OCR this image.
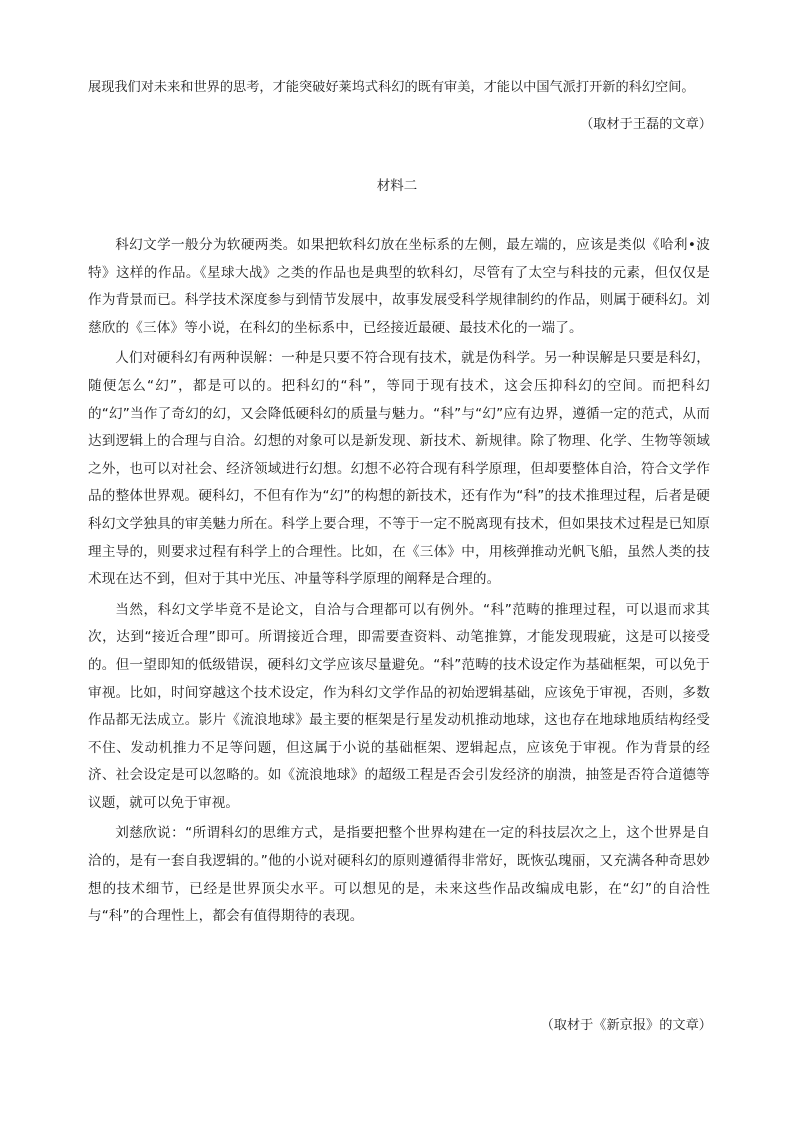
展现我们对未来和世界的思考，才能突破好莱坞式科幻的既有审美，才能以中国气派打开新的科幻空间。
（取材于王磊的文章）
材料二

科幻文学一般分为软硬两类。如果把软科幻放在坐标系的左侧，最左端的，应该是类似《哈利•波特》这样的作品。《星球大战》之类的作品也是典型的软科幻，尽管有了太空与科技的元素，但仅仅是作为背景而已。科学技术深度参与到情节发展中，故事发展受科学规律制约的作品，则属于硬科幻。刘慈欣的《三体》等小说，在科幻的坐标系中，已经接近最硬、最技术化的一端了。

人们对硬科幻有两种误解：一种是只要不符合现有技术，就是伪科学。另一种误解是只要是科幻，随便怎么“幻”，都是可以的。把科幻的“科”，等同于现有技术，这会压抑科幻的空间。而把科幻的“幻”当作了奇幻的幻，又会降低硬科幻的质量与魅力。“科”与“幻”应有边界，遵循一定的范式，从而达到逻辑上的合理与自洽。幻想的对象可以是新发现、新技术、新规律。除了物理、化学、生物等领域之外，也可以对社会、经济领域进行幻想。幻想不必符合现有科学原理，但却要整体自洽，符合文学作品的整体世界观。硬科幻，不但有作为“幻”的构想的新技术，还有作为“科”的技术推理过程，后者是硬科幻文学独具的审美魅力所在。科学上要合理，不等于一定不脱离现有技术，但如果技术过程是已知原理主导的，则要求过程有科学上的合理性。比如，在《三体》中，用核弹推动光帆飞船，虽然人类的技术现在达不到，但对于其中光压、冲量等科学原理的阐释是合理的。

当然，科幻文学毕竟不是论文，自洽与合理都可以有例外。“科”范畴的推理过程，可以退而求其次，达到“接近合理”即可。所谓接近合理，即需要查资料、动笔推算，才能发现瑕疵，这是可以接受的。但一望即知的低级错误，硬科幻文学应该尽量避免。“科”范畴的技术设定作为基础框架，可以免于审视。比如，时间穿越这个技术设定，作为科幻文学作品的初始逻辑基础，应该免于审视，否则，多数作品都无法成立。影片《流浪地球》最主要的框架是行星发动机推动地球，这也存在地球地质结构经受不住、发动机推力不足等问题，但这属于小说的基础框架、逻辑起点，应该免于审视。作为背景的经济、社会设定是可以忽略的。如《流浪地球》的超级工程是否会引发经济的崩溃，抽签是否符合道德等议题，就可以免于审视。

刘慈欣说：“所谓科幻的思维方式，是指要把整个世界构建在一定的科技层次之上，这个世界是自洽的，是有一套自我逻辑的。”他的小说对硬科幻的原则遵循得非常好，既恢弘瑰丽，又充满各种奇思妙想的技术细节，已经是世界顶尖水平。可以想见的是，未来这些作品改编成电影，在“幻”的自洽性与“科”的合理性上，都会有值得期待的表现。

（取材于《新京报》的文章）
